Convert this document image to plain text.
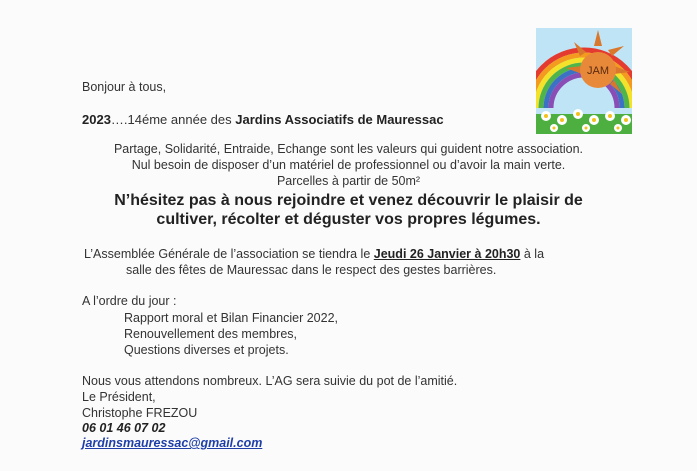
Bonjour à tous,
2023….14éme année des Jardins Associatifs de Mauressac
Partage, Solidarité, Entraide, Echange sont les valeurs qui guident notre association.
Nul besoin de disposer d’un matériel de professionnel ou d’avoir la main verte.
Parcelles à partir de 50m²
N’hésitez pas à nous rejoindre et venez découvrir le plaisir de
cultiver, récolter et déguster vos propres légumes.
L’Assemblée Générale de l’association se tiendra le Jeudi 26 Janvier à 20h30 à la
salle des fêtes de Mauressac dans le respect des gestes barrières.
A l’ordre du jour :
Rapport moral et Bilan Financier 2022,
Renouvellement des membres,
Questions diverses et projets.
Nous vous attendons nombreux. L’AG sera suivie du pot de l’amitié.
Le Président,
Christophe FREZOU
06 01 46 07 02
jardinsmauressac@gmail.com
JAM
